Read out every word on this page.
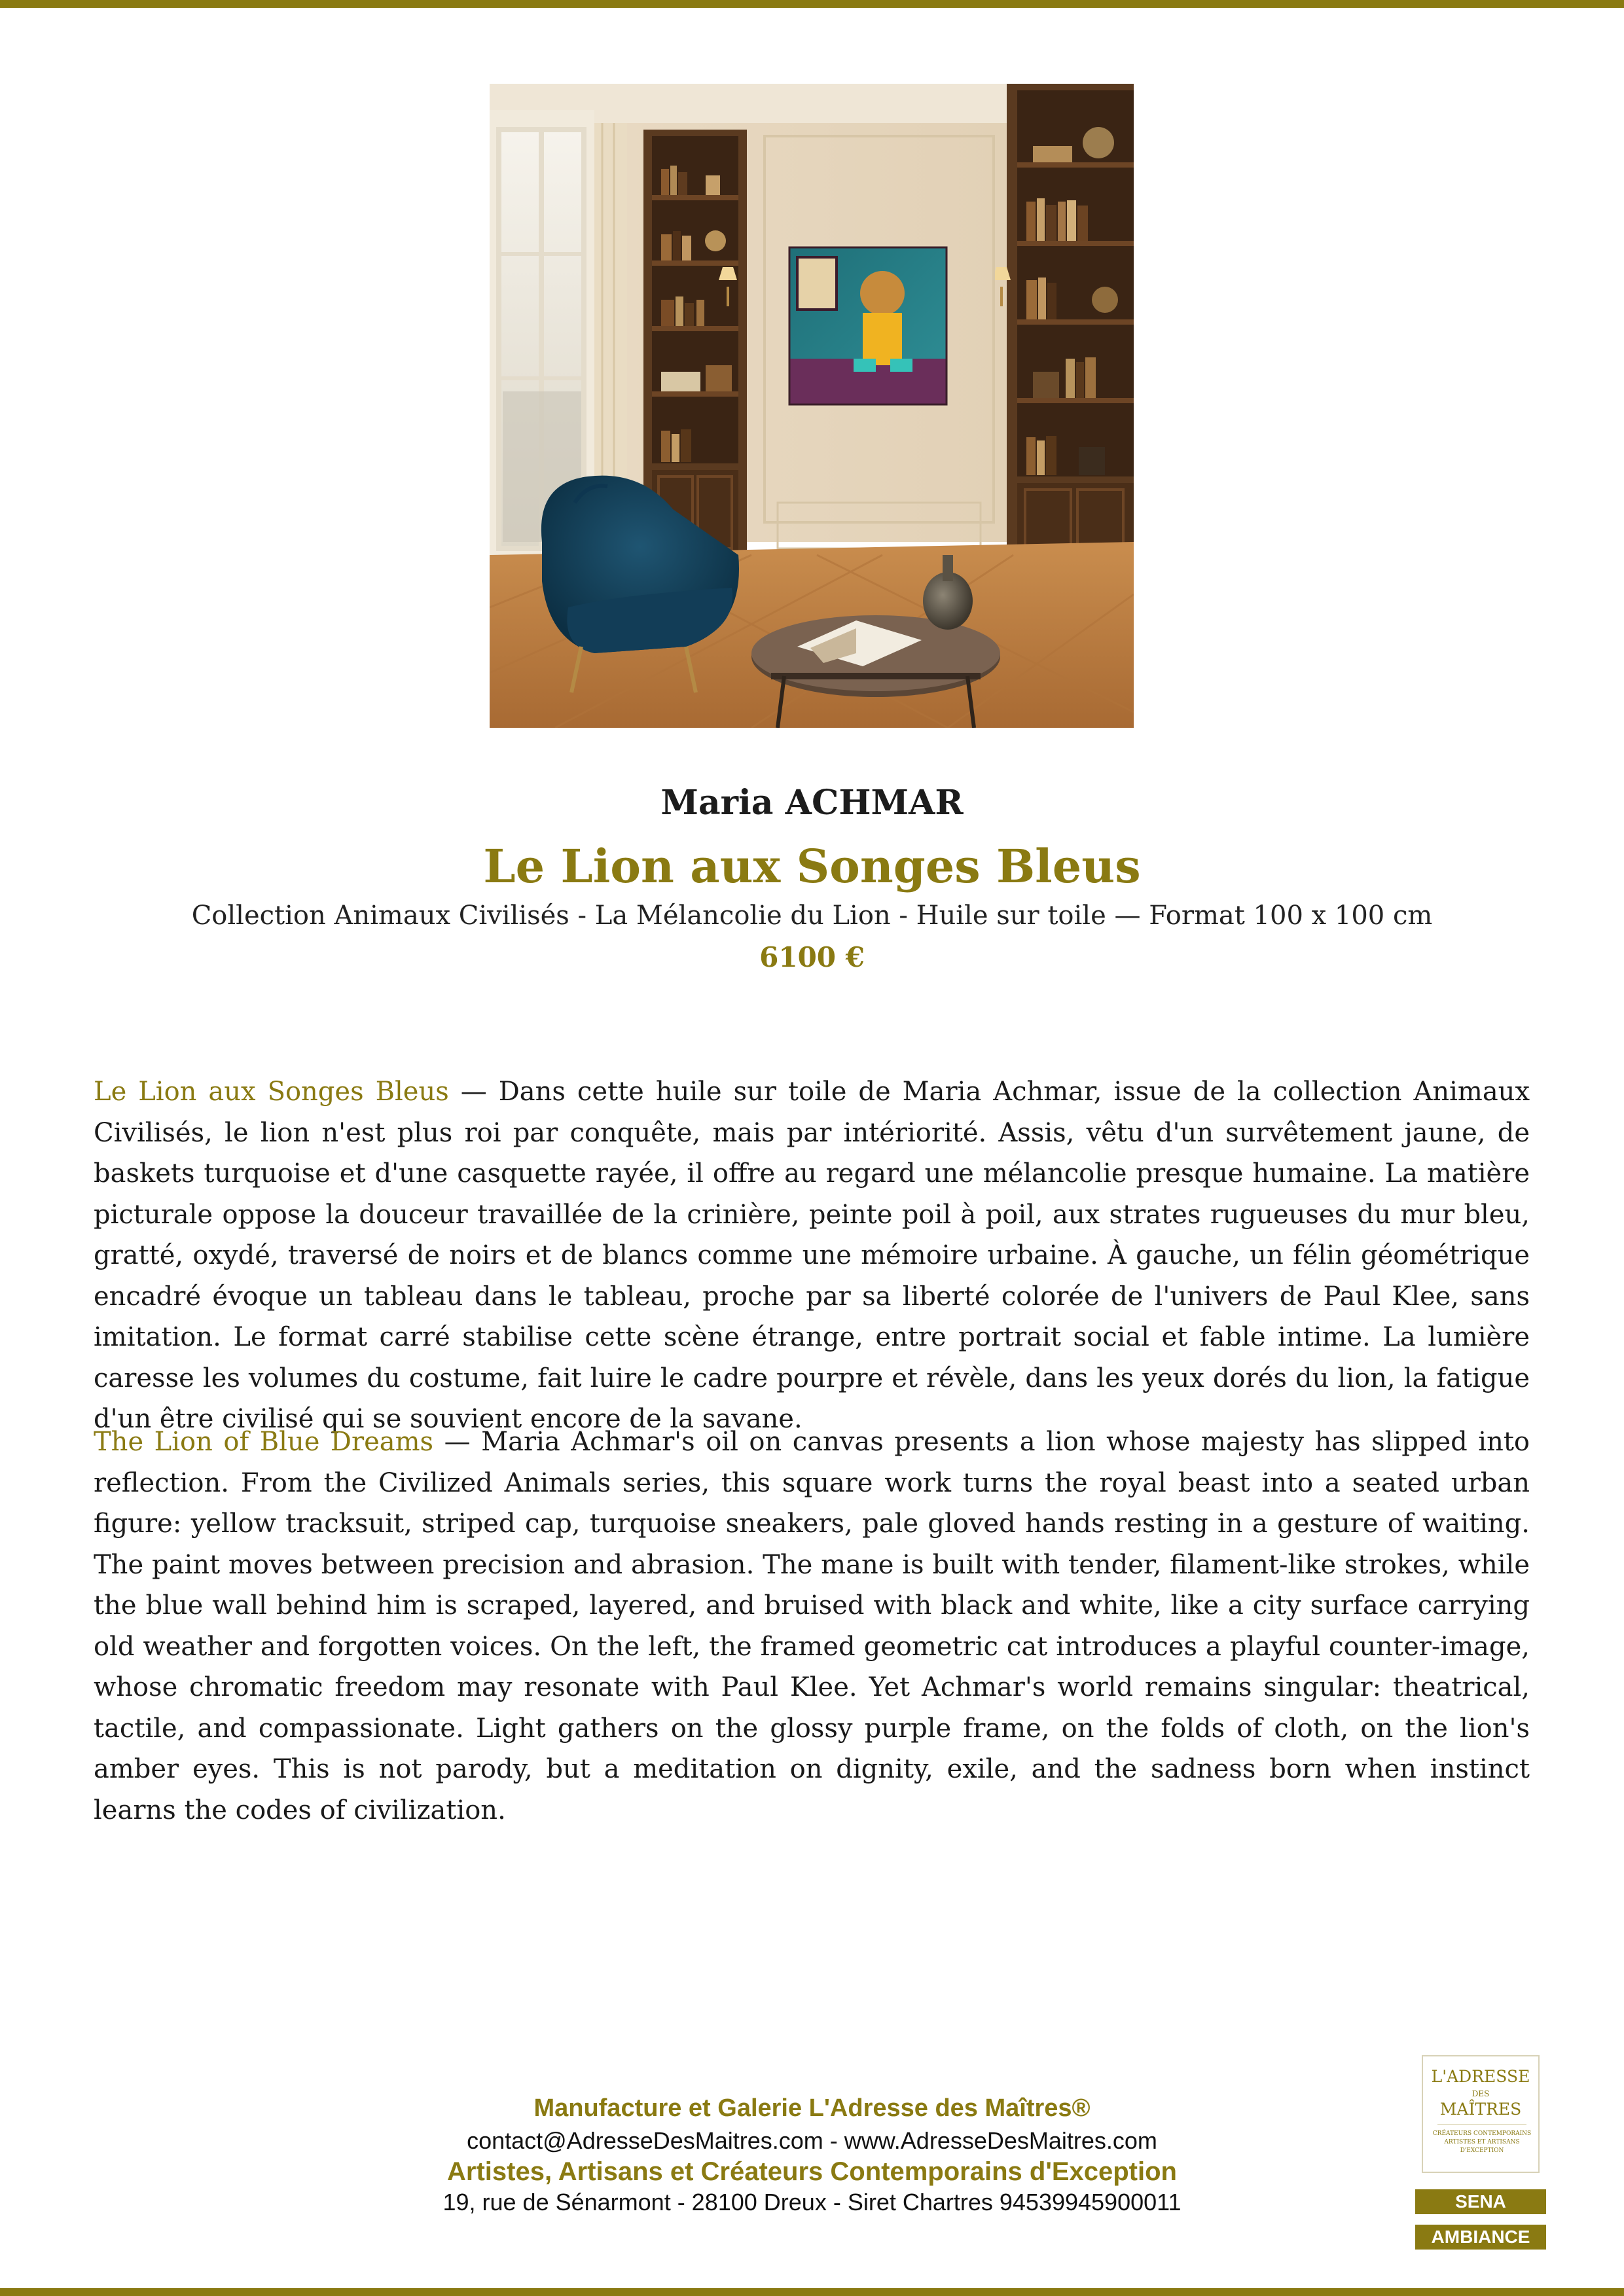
Maria ACHMAR
Le Lion aux Songes Bleus
Collection Animaux Civilisés - La Mélancolie du Lion - Huile sur toile — Format 100 x 100 cm
6100 €

Le Lion aux Songes Bleus — Dans cette huile sur toile de Maria Achmar, issue de la collection Animaux Civilisés, le lion n'est plus roi par conquête, mais par intériorité. Assis, vêtu d'un survêtement jaune, de baskets turquoise et d'une casquette rayée, il offre au regard une mélancolie presque humaine. La matière picturale oppose la douceur travaillée de la crinière, peinte poil à poil, aux strates rugueuses du mur bleu, gratté, oxydé, traversé de noirs et de blancs comme une mémoire urbaine. À gauche, un félin géométrique encadré évoque un tableau dans le tableau, proche par sa liberté colorée de l'univers de Paul Klee, sans imitation. Le format carré stabilise cette scène étrange, entre portrait social et fable intime. La lumière caresse les volumes du costume, fait luire le cadre pourpre et révèle, dans les yeux dorés du lion, la fatigue d'un être civilisé qui se souvient encore de la savane.

The Lion of Blue Dreams — Maria Achmar's oil on canvas presents a lion whose majesty has slipped into reflection. From the Civilized Animals series, this square work turns the royal beast into a seated urban figure: yellow tracksuit, striped cap, turquoise sneakers, pale gloved hands resting in a gesture of waiting. The paint moves between precision and abrasion. The mane is built with tender, filament-like strokes, while the blue wall behind him is scraped, layered, and bruised with black and white, like a city surface carrying old weather and forgotten voices. On the left, the framed geometric cat introduces a playful counter-image, whose chromatic freedom may resonate with Paul Klee. Yet Achmar's world remains singular: theatrical, tactile, and compassionate. Light gathers on the glossy purple frame, on the folds of cloth, on the lion's amber eyes. This is not parody, but a meditation on dignity, exile, and the sadness born when instinct learns the codes of civilization.

Manufacture et Galerie L'Adresse des Maîtres®
contact@AdresseDesMaitres.com - www.AdresseDesMaitres.com
Artistes, Artisans et Créateurs Contemporains d'Exception
19, rue de Sénarmont - 28100 Dreux - Siret Chartres 94539945900011
L'ADRESSE
DES
MAÎTRES
CRÉATEURS CONTEMPORAINS ARTISTES ET ARTISANS D'EXCEPTION
SENA
AMBIANCE
